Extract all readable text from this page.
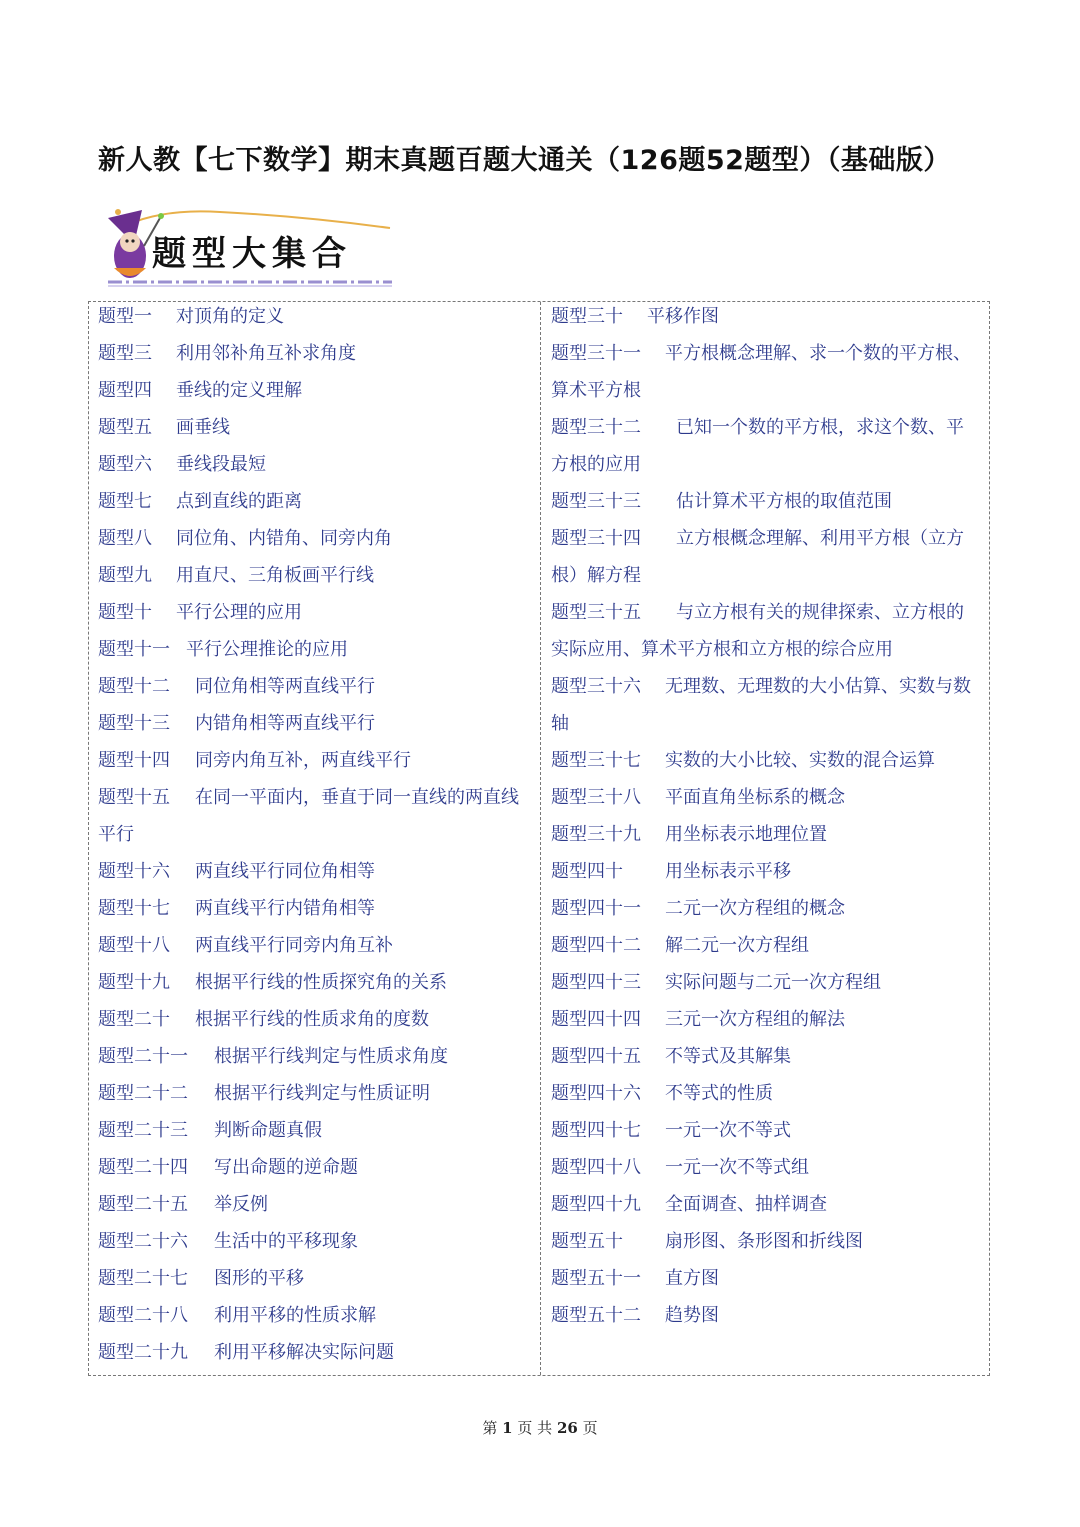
新人教【七下数学】期末真题百题大通关（126题52题型）（基础版）
题型大集合
题型一 对顶角的定义
题型三 利用邻补角互补求角度
题型四 垂线的定义理解
题型五 画垂线
题型六 垂线段最短
题型七 点到直线的距离
题型八 同位角、内错角、同旁内角
题型九 用直尺、三角板画平行线
题型十 平行公理的应用
题型十一 平行公理推论的应用
题型十二 同位角相等两直线平行
题型十三 内错角相等两直线平行
题型十四 同旁内角互补，两直线平行
题型十五 在同一平面内，垂直于同一直线的两直线
平行
题型十六 两直线平行同位角相等
题型十七 两直线平行内错角相等
题型十八 两直线平行同旁内角互补
题型十九 根据平行线的性质探究角的关系
题型二十 根据平行线的性质求角的度数
题型二十一 根据平行线判定与性质求角度
题型二十二 根据平行线判定与性质证明
题型二十三 判断命题真假
题型二十四 写出命题的逆命题
题型二十五 举反例
题型二十六 生活中的平移现象
题型二十七 图形的平移
题型二十八 利用平移的性质求解
题型二十九 利用平移解决实际问题
题型三十 平移作图
题型三十一 平方根概念理解、求一个数的平方根、
算术平方根
题型三十二 已知一个数的平方根，求这个数、平
方根的应用
题型三十三 估计算术平方根的取值范围
题型三十四 立方根概念理解、利用平方根（立方
根）解方程
题型三十五 与立方根有关的规律探索、立方根的
实际应用、算术平方根和立方根的综合应用
题型三十六 无理数、无理数的大小估算、实数与数
轴
题型三十七 实数的大小比较、实数的混合运算
题型三十八 平面直角坐标系的概念
题型三十九 用坐标表示地理位置
题型四十 用坐标表示平移
题型四十一 二元一次方程组的概念
题型四十二 解二元一次方程组
题型四十三 实际问题与二元一次方程组
题型四十四 三元一次方程组的解法
题型四十五 不等式及其解集
题型四十六 不等式的性质
题型四十七 一元一次不等式
题型四十八 一元一次不等式组
题型四十九 全面调查、抽样调查
题型五十 扇形图、条形图和折线图
题型五十一 直方图
题型五十二 趋势图
第 1 页 共 26 页
